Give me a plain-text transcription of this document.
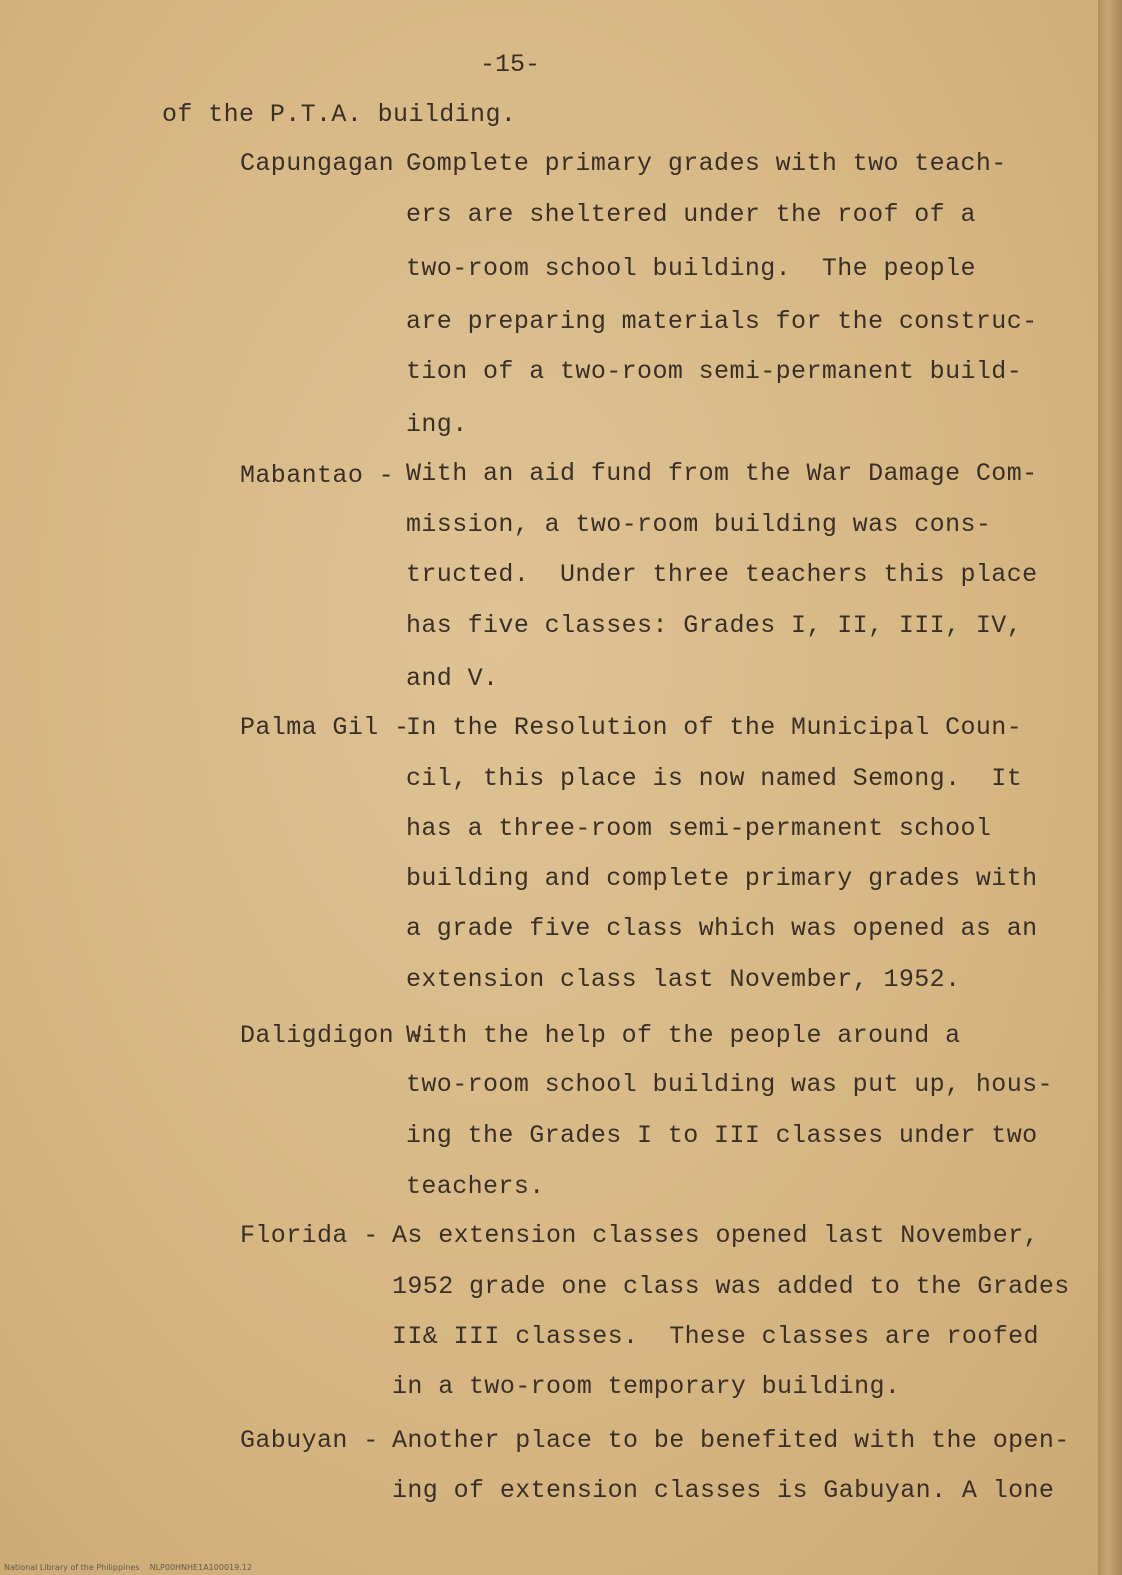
-15-
of the P.T.A. building.
Capungagan -
Complete primary grades with two teach-
ers are sheltered under the roof of a
two-room school building.  The people
are preparing materials for the construc-
tion of a two-room semi-permanent build-
ing.
Mabantao -
With an aid fund from the War Damage Com-
mission, a two-room building was cons-
tructed.  Under three teachers this place
has five classes: Grades I, II, III, IV,
and V.
Palma Gil -
In the Resolution of the Municipal Coun-
cil, this place is now named Semong.  It
has a three-room semi-permanent school
building and complete primary grades with
a grade five class which was opened as an
extension class last November, 1952.
Daligdigon -
With the help of the people around a
two-room school building was put up, hous-
ing the Grades I to III classes under two
teachers.
Florida -
As extension classes opened last November,
1952 grade one class was added to the Grades
II& III classes.  These classes are roofed
in a two-room temporary building.
Gabuyan -
Another place to be benefited with the open-
ing of extension classes is Gabuyan. A lone
National Library of the Philippines    NLP00HNHE1A100019.12
